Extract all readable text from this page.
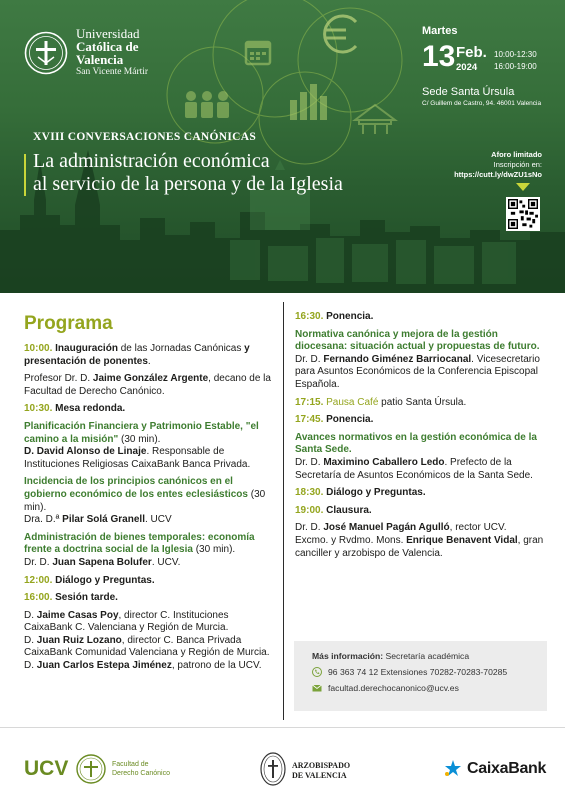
Universidad
Católica de
Valencia
San Vicente Mártir
Martes
13 Feb.
2024
10:00-12:30
16:00-19:00
Sede Santa Úrsula
C/ Guillem de Castro, 94. 46001 Valencia
XVIII CONVERSACIONES CANÓNICAS
La administración económica
al servicio de la persona y de la Iglesia
Aforo limitado
Inscripción en:
https://cutt.ly/dwZU1sNo
Programa
10:00. Inauguración de las Jornadas Canónicas y presentación de ponentes.
Profesor Dr. D. Jaime González Argente, decano de la Facultad de Derecho Canónico.
10:30. Mesa redonda.
Planificación Financiera y Patrimonio Estable, "el camino a la misión" (30 min).
D. David Alonso de Linaje. Responsable de Instituciones Religiosas CaixaBank Banca Privada.
Incidencia de los principios canónicos en el gobierno económico de los entes eclesiásticos (30 min).
Dra. D.ª Pilar Solá Granell. UCV
Administración de bienes temporales: economía frente a doctrina social de la Iglesia (30 min).
Dr. D. Juan Sapena Bolufer. UCV.
12:00. Diálogo y Preguntas.
16:00. Sesión tarde.
D. Jaime Casas Poy, director C. Instituciones CaixaBank C. Valenciana y Región de Murcia.
D. Juan Ruiz Lozano, director C. Banca Privada CaixaBank Comunidad Valenciana y Región de Murcia.
D. Juan Carlos Estepa Jiménez, patrono de la UCV.
16:30. Ponencia.
Normativa canónica y mejora de la gestión diocesana: situación actual y propuestas de futuro.
Dr. D. Fernando Giménez Barriocanal. Vicesecretario para Asuntos Económicos de la Conferencia Episcopal Española.
17:15. Pausa Café patio Santa Úrsula.
17:45. Ponencia.
Avances normativos en la gestión económica de la Santa Sede.
Dr. D. Maximino Caballero Ledo. Prefecto de la Secretaría de Asuntos Económicos de la Santa Sede.
18:30. Diálogo y Preguntas.
19:00. Clausura.
Dr. D. José Manuel Pagán Agulló, rector UCV.
Excmo. y Rvdmo. Mons. Enrique Benavent Vidal, gran canciller y arzobispo de Valencia.
Más información:
Secretaría académica
96 363 74 12 Extensiones 70282-70283-70285
facultad.derechocanonico@ucv.es
UCV	Facultad de
Derecho Canónico
ARZOBISPADO
DE VALENCIA	CaixaBank
